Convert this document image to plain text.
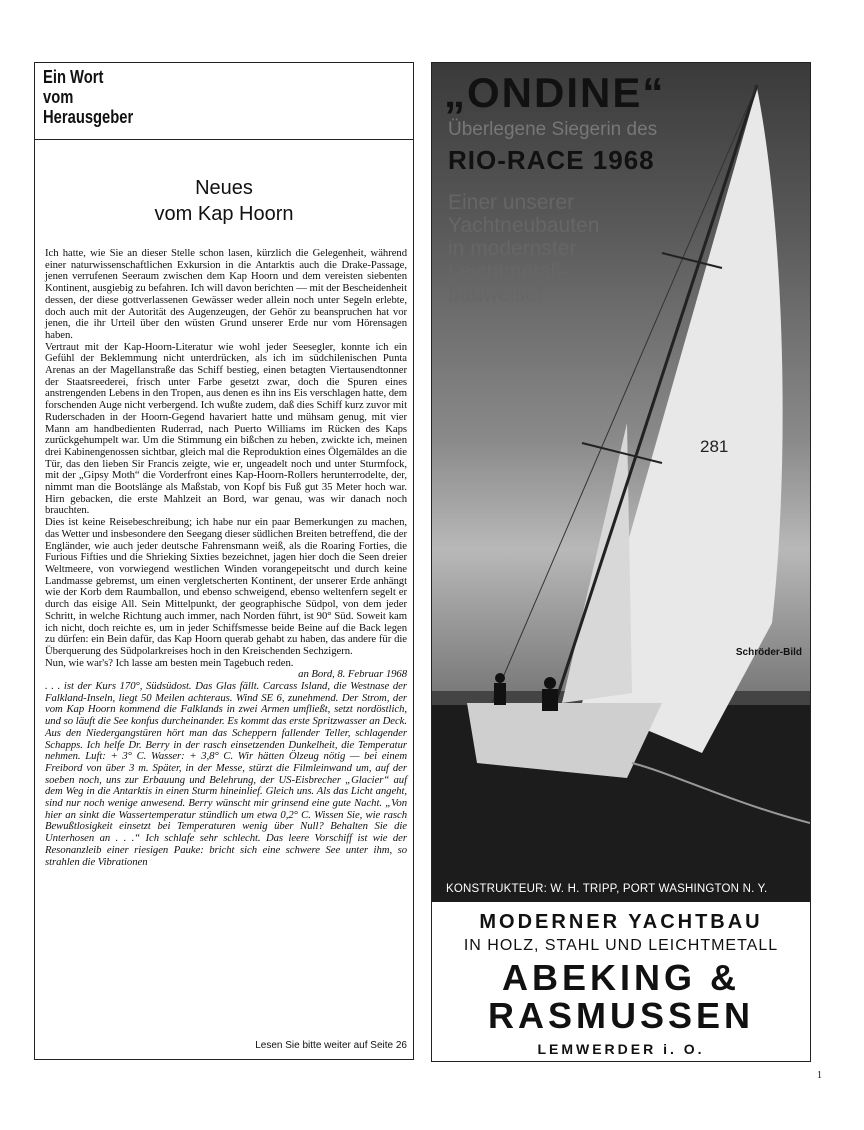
Ein Wort
vom
Herausgeber
Neues
vom Kap Hoorn

Ich hatte, wie Sie an dieser Stelle schon lasen, kürzlich die Gelegenheit, während einer naturwissenschaftlichen Exkursion in die Antarktis auch die Drake-Passage, jenen verrufenen Seeraum zwischen dem Kap Hoorn und dem vereisten siebenten Kontinent, ausgiebig zu befahren. Ich will davon berichten — mit der Bescheidenheit dessen, der diese gottverlassenen Gewässer weder allein noch unter Segeln erlebte, doch auch mit der Autorität des Augenzeugen, der Gehör zu beanspruchen hat vor jenen, die ihr Urteil über den wüsten Grund unserer Erde nur vom Hörensagen haben.

Vertraut mit der Kap-Hoorn-Literatur wie wohl jeder Seesegler, konnte ich ein Gefühl der Beklemmung nicht unterdrücken, als ich im südchilenischen Punta Arenas an der Magellanstraße das Schiff bestieg, einen betagten Viertausendtonner der Staatsreederei, frisch unter Farbe gesetzt zwar, doch die Spuren eines anstrengenden Lebens in den Tropen, aus denen es ihn ins Eis verschlagen hatte, dem forschenden Auge nicht verbergend. Ich wußte zudem, daß dies Schiff kurz zuvor mit Ruderschaden in der Hoorn-Gegend havariert hatte und mühsam genug, mit vier Mann am handbedienten Ruderrad, nach Puerto Williams im Rücken des Kaps zurückgehumpelt war. Um die Stimmung ein bißchen zu heben, zwickte ich, meinen drei Kabinengenossen sichtbar, gleich mal die Reproduktion eines Ölgemäldes an die Tür, das den lieben Sir Francis zeigte, wie er, ungeadelt noch und unter Sturmfock, mit der „Gipsy Moth“ die Vorderfront eines Kap-Hoorn-Rollers herunterrodelte, der, nimmt man die Bootslänge als Maßstab, von Kopf bis Fuß gut 35 Meter hoch war. Hirn gebacken, die erste Mahlzeit an Bord, war genau, was wir danach noch brauchten.

Dies ist keine Reisebeschreibung; ich habe nur ein paar Bemerkungen zu machen, das Wetter und insbesondere den Seegang dieser südlichen Breiten betreffend, die der Engländer, wie auch jeder deutsche Fahrensmann weiß, als die Roaring Forties, die Furious Fifties und die Shrieking Sixties bezeichnet, jagen hier doch die Seen dreier Weltmeere, von vorwiegend westlichen Winden vorangepeitscht und durch keine Landmasse gebremst, um einen vergletscherten Kontinent, der unserer Erde anhängt wie der Korb dem Raumballon, und ebenso schweigend, ebenso weltenfern segelt er durch das eisige All. Sein Mittelpunkt, der geographische Südpol, von dem jeder Schritt, in welche Richtung auch immer, nach Norden führt, ist 90° Süd. Soweit kam ich nicht, doch reichte es, um in jeder Schiffsmesse beide Beine auf die Back legen zu dürfen: ein Bein dafür, das Kap Hoorn querab gehabt zu haben, das andere für die Überquerung des Südpolarkreises hoch in den Kreischenden Sechzigern.

Nun, wie war's? Ich lasse am besten mein Tagebuch reden.

an Bord, 8. Februar 1968

. . . ist der Kurs 170°, Südsüdost. Das Glas fällt. Carcass Island, die Westnase der Falkland-Inseln, liegt 50 Meilen achteraus. Wind SE 6, zunehmend. Der Strom, der vom Kap Hoorn kommend die Falklands in zwei Armen umfließt, setzt nordöstlich, und so läuft die See konfus durcheinander. Es kommt das erste Spritzwasser an Deck. Aus den Niedergangstüren hört man das Scheppern fallender Teller, schlagender Schapps. Ich helfe Dr. Berry in der rasch einsetzenden Dunkelheit, die Temperatur nehmen. Luft: + 3° C. Wasser: + 3,8° C. Wir hätten Ölzeug nötig — bei einem Freibord von über 3 m. Später, in der Messe, stürzt die Filmleinwand um, auf der soeben noch, uns zur Erbauung und Belehrung, der US-Eisbrecher „Glacier“ auf dem Weg in die Antarktis in einen Sturm hineinlief. Gleich uns. Als das Licht angeht, sind nur noch wenige anwesend. Berry wünscht mir grinsend eine gute Nacht. „Von hier an sinkt die Wassertemperatur stündlich um etwa 0,2° C. Wissen Sie, wie rasch Bewußtlosigkeit einsetzt bei Temperaturen wenig über Null? Behalten Sie die Unterhosen an . . .“ Ich schlafe sehr schlecht. Das leere Vorschiff ist wie der Resonanzleib einer riesigen Pauke: bricht sich eine schwere See unter ihm, so strahlen die Vibrationen

Lesen Sie bitte weiter auf Seite 26
„ONDINE“
Überlegene Siegerin des
RIO-RACE 1968
Einer unserer
Yachtneubauten
in modernster
Leichtmetall-
bauweise!
281
Schröder-Bild
KONSTRUKTEUR: W. H. TRIPP, PORT WASHINGTON N. Y.
MODERNER YACHTBAU
IN HOLZ, STAHL UND LEICHTMETALL
ABEKING &
RASMUSSEN
LEMWERDER i. O.
1
